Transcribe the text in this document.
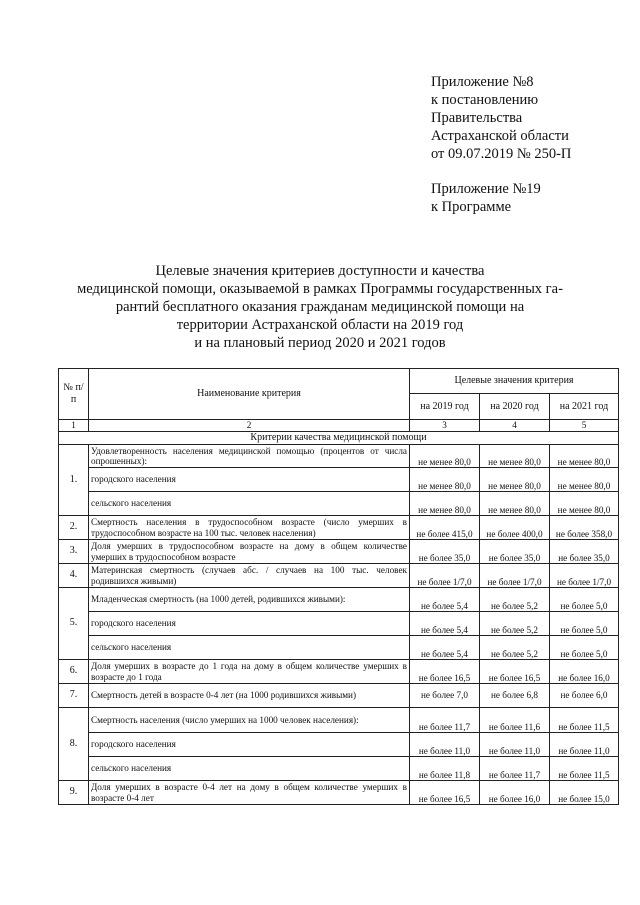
Приложение №8
к постановлению
Правительства
Астраханской области
от 09.07.2019 № 250-П
Приложение №19
к Программе
Целевые значения критериев доступности и качества
медицинской помощи, оказываемой в рамках Программы государственных га-
рантий бесплатного оказания гражданам медицинской помощи на
территории Астраханской области на 2019 год
и на плановый период 2020 и 2021 годов
№ п/п	Наименование критерия	Целевые значения критерия		
		на 2019 год	на 2020 год	на 2021 год
1	2	3	4	5
Критерии качества медицинской помощи				
1.	Удовлетворенность населения медицинской помощью (процентов от числа опрошенных):	не менее 80,0	не менее 80,0	не менее 80,0
	городского населения	не менее 80,0	не менее 80,0	не менее 80,0
	сельского населения	не менее 80,0	не менее 80,0	не менее 80,0
2.	Смертность населения в трудоспособном возрасте (число умерших в трудоспособном возрасте на 100 тыс. человек населения)	не более 415,0	не более 400,0	не более 358,0
3.	Доля умерших в трудоспособном возрасте на дому в общем количестве умерших в трудоспособном возрасте	не более 35,0	не более 35,0	не более 35,0
4.	Материнская смертность (случаев абс. / случаев на 100 тыс. человек родившихся живыми)	не более 1/7,0	не более 1/7,0	не более 1/7,0
5.	Младенческая смертность (на 1000 детей, родившихся живыми):	не более 5,4	не более 5,2	не более 5,0
	городского населения	не более 5,4	не более 5,2	не более 5,0
	сельского населения	не более 5,4	не более 5,2	не более 5,0
6.	Доля умерших в возрасте до 1 года на дому в общем количестве умерших в возрасте до 1 года	не более 16,5	не более 16,5	не более 16,0
7.	Смертность детей в возрасте 0-4 лет (на 1000 родившихся живыми)	не более 7,0	не более 6,8	не более 6,0
8.	Смертность населения (число умерших на 1000 человек населения):	не более 11,7	не более 11,6	не более 11,5
	городского населения	не более 11,0	не более 11,0	не более 11,0
	сельского населения	не более 11,8	не более 11,7	не более 11,5
9.	Доля умерших в возрасте 0-4 лет на дому в общем количестве умерших в возрасте 0-4 лет	не более 16,5	не более 16,0	не более 15,0
